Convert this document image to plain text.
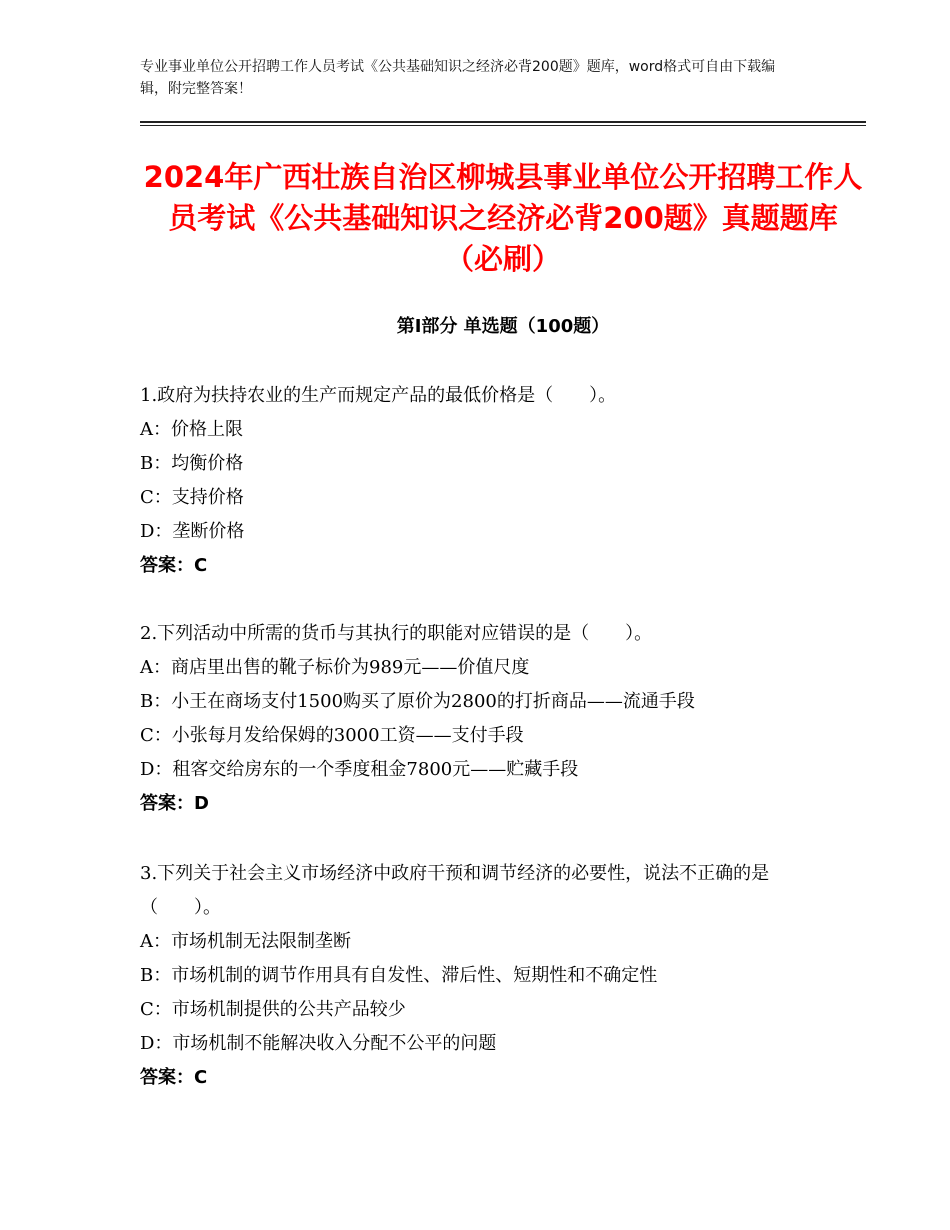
专业事业单位公开招聘工作人员考试《公共基础知识之经济必背200题》题库，word格式可自由下载编辑，附完整答案！
2024年广西壮族自治区柳城县事业单位公开招聘工作人员考试《公共基础知识之经济必背200题》真题题库（必刷）
第Ⅰ部分 单选题（100题）
1.政府为扶持农业的生产而规定产品的最低价格是（　　）。
A：价格上限
B：均衡价格
C：支持价格
D：垄断价格
答案：C
2.下列活动中所需的货币与其执行的职能对应错误的是（　　）。
A：商店里出售的靴子标价为989元——价值尺度
B：小王在商场支付1500购买了原价为2800的打折商品——流通手段
C：小张每月发给保姆的3000工资——支付手段
D：租客交给房东的一个季度租金7800元——贮藏手段
答案：D
3.下列关于社会主义市场经济中政府干预和调节经济的必要性，说法不正确的是（　　）。
A：市场机制无法限制垄断
B：市场机制的调节作用具有自发性、滞后性、短期性和不确定性
C：市场机制提供的公共产品较少
D：市场机制不能解决收入分配不公平的问题
答案：C
